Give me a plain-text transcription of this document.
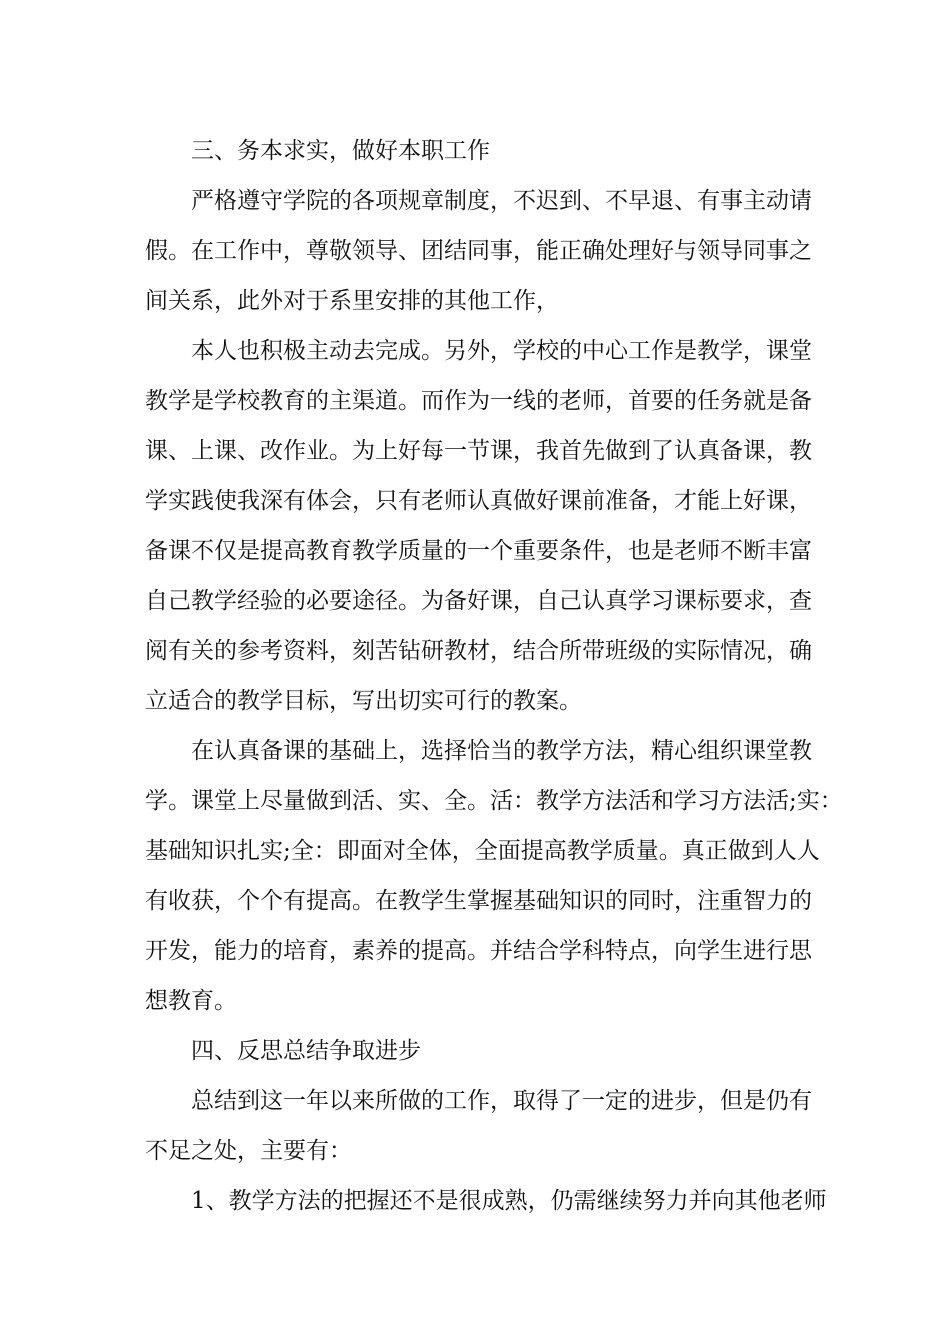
三、务本求实，做好本职工作
严格遵守学院的各项规章制度，不迟到、不早退、有事主动请
假。在工作中，尊敬领导、团结同事，能正确处理好与领导同事之
间关系，此外对于系里安排的其他工作，
本人也积极主动去完成。另外，学校的中心工作是教学，课堂
教学是学校教育的主渠道。而作为一线的老师，首要的任务就是备
课、上课、改作业。为上好每一节课，我首先做到了认真备课，教
学实践使我深有体会，只有老师认真做好课前准备，才能上好课，
备课不仅是提高教育教学质量的一个重要条件，也是老师不断丰富
自己教学经验的必要途径。为备好课，自己认真学习课标要求，查
阅有关的参考资料，刻苦钻研教材，结合所带班级的实际情况，确
立适合的教学目标，写出切实可行的教案。
在认真备课的基础上，选择恰当的教学方法，精心组织课堂教
学。课堂上尽量做到活、实、全。活：教学方法活和学习方法活;实：
基础知识扎实;全：即面对全体，全面提高教学质量。真正做到人人
有收获，个个有提高。在教学生掌握基础知识的同时，注重智力的
开发，能力的培育，素养的提高。并结合学科特点，向学生进行思
想教育。
四、反思总结争取进步
总结到这一年以来所做的工作，取得了一定的进步，但是仍有
不足之处，主要有：
1、教学方法的把握还不是很成熟，仍需继续努力并向其他老师
